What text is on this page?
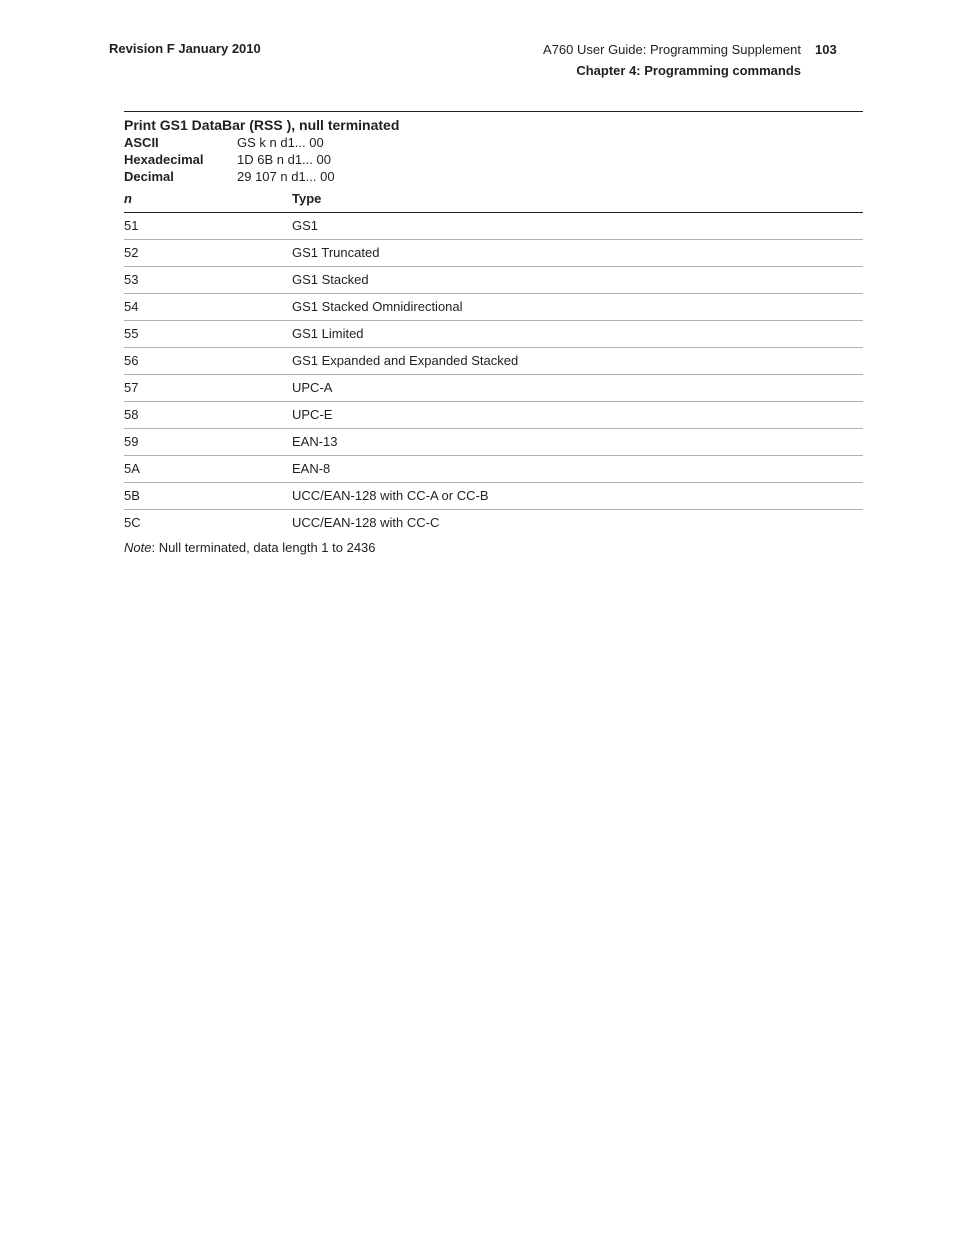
Revision F January 2010	A760 User Guide: Programming Supplement 103
Chapter 4: Programming commands
Print GS1 DataBar (RSS ), null terminated
ASCII	GS k n d1... 00
Hexadecimal	1D 6B n d1... 00
Decimal	29 107 n d1... 00
n	Type
51	GS1
52	GS1 Truncated
53	GS1 Stacked
54	GS1 Stacked Omnidirectional
55	GS1 Limited
56	GS1 Expanded and Expanded Stacked
57	UPC-A
58	UPC-E
59	EAN-13
5A	EAN-8
5B	UCC/EAN-128 with CC-A or CC-B
5C	UCC/EAN-128 with CC-C
Note: Null terminated, data length 1 to 2436
